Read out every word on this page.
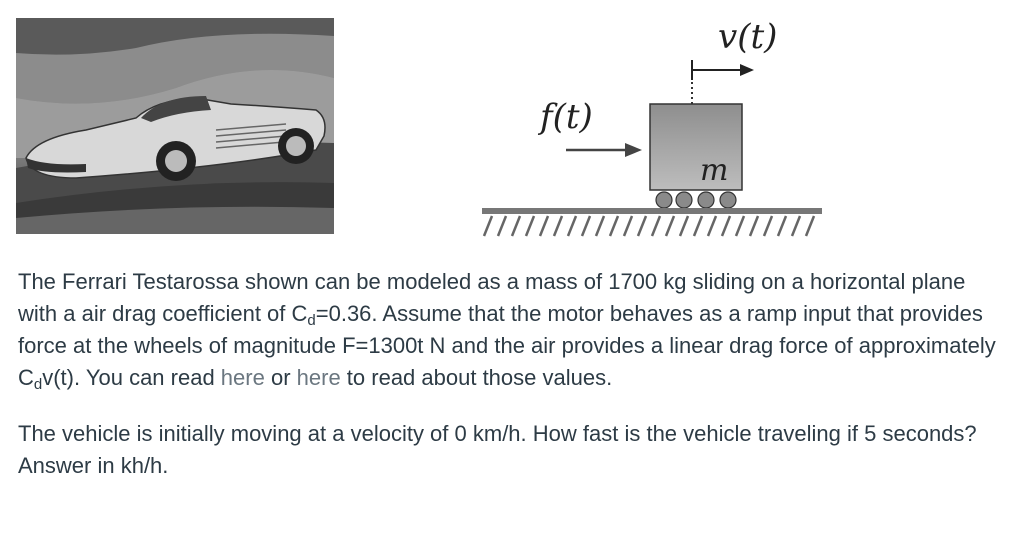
v(t)
f(t)
m

The Ferrari Testarossa shown can be modeled as a mass of 1700 kg sliding on a horizontal plane with a air drag coefficient of $C_d=0.36$. Assume that the motor behaves as a ramp input that provides force at the wheels of magnitude F=1300t N and the air provides a linear drag force of approximately $C_dv(t)$. You can read here or here to read about those values.

The vehicle is initially moving at a velocity of 0 km/h. How fast is the vehicle traveling if 5 seconds? Answer in kh/h.
